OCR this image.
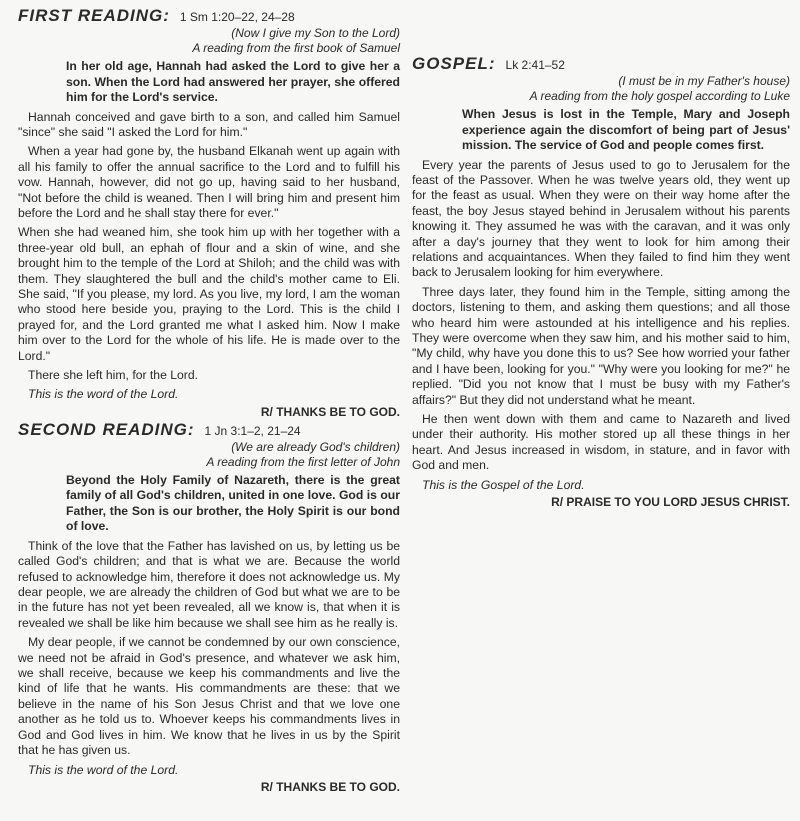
FIRST READING: 1 Sm 1:20–22, 24–28
(Now I give my Son to the Lord)
A reading from the first book of Samuel
In her old age, Hannah had asked the Lord to give her a son. When the Lord had answered her prayer, she offered him for the Lord's service.

Hannah conceived and gave birth to a son, and called him Samuel "since" she said "I asked the Lord for him."

When a year had gone by, the husband Elkanah went up again with all his family to offer the annual sacrifice to the Lord and to fulfill his vow. Hannah, however, did not go up, having said to her husband, "Not before the child is weaned. Then I will bring him and present him before the Lord and he shall stay there for ever."

When she had weaned him, she took him up with her together with a three-year old bull, an ephah of flour and a skin of wine, and she brought him to the temple of the Lord at Shiloh; and the child was with them. They slaughtered the bull and the child's mother came to Eli. She said, "If you please, my lord. As you live, my lord, I am the woman who stood here beside you, praying to the Lord. This is the child I prayed for, and the Lord granted me what I asked him. Now I make him over to the Lord for the whole of his life. He is made over to the Lord."

There she left him, for the Lord.

This is the word of the Lord.
R/ THANKS BE TO GOD.
SECOND READING: 1 Jn 3:1–2, 21–24
(We are already God's children)
A reading from the first letter of John
Beyond the Holy Family of Nazareth, there is the great family of all God's children, united in one love. God is our Father, the Son is our brother, the Holy Spirit is our bond of love.

Think of the love that the Father has lavished on us, by letting us be called God's children; and that is what we are. Because the world refused to acknowledge him, therefore it does not acknowledge us. My dear people, we are already the children of God but what we are to be in the future has not yet been revealed, all we know is, that when it is revealed we shall be like him because we shall see him as he really is.

My dear people, if we cannot be condemned by our own conscience, we need not be afraid in God's presence, and whatever we ask him, we shall receive, because we keep his commandments and live the kind of life that he wants. His commandments are these: that we believe in the name of his Son Jesus Christ and that we love one another as he told us to. Whoever keeps his commandments lives in God and God lives in him. We know that he lives in us by the Spirit that he has given us.

This is the word of the Lord.
R/ THANKS BE TO GOD.
GOSPEL: Lk 2:41–52
(I must be in my Father's house)
A reading from the holy gospel according to Luke
When Jesus is lost in the Temple, Mary and Joseph experience again the discomfort of being part of Jesus' mission. The service of God and people comes first.

Every year the parents of Jesus used to go to Jerusalem for the feast of the Passover. When he was twelve years old, they went up for the feast as usual. When they were on their way home after the feast, the boy Jesus stayed behind in Jerusalem without his parents knowing it. They assumed he was with the caravan, and it was only after a day's journey that they went to look for him among their relations and acquaintances. When they failed to find him they went back to Jerusalem looking for him everywhere.

Three days later, they found him in the Temple, sitting among the doctors, listening to them, and asking them questions; and all those who heard him were astounded at his intelligence and his replies. They were overcome when they saw him, and his mother said to him, "My child, why have you done this to us? See how worried your father and I have been, looking for you." "Why were you looking for me?" he replied. "Did you not know that I must be busy with my Father's affairs?" But they did not understand what he meant.

He then went down with them and came to Nazareth and lived under their authority. His mother stored up all these things in her heart. And Jesus increased in wisdom, in stature, and in favor with God and men.

This is the Gospel of the Lord.
R/ PRAISE TO YOU LORD JESUS CHRIST.
